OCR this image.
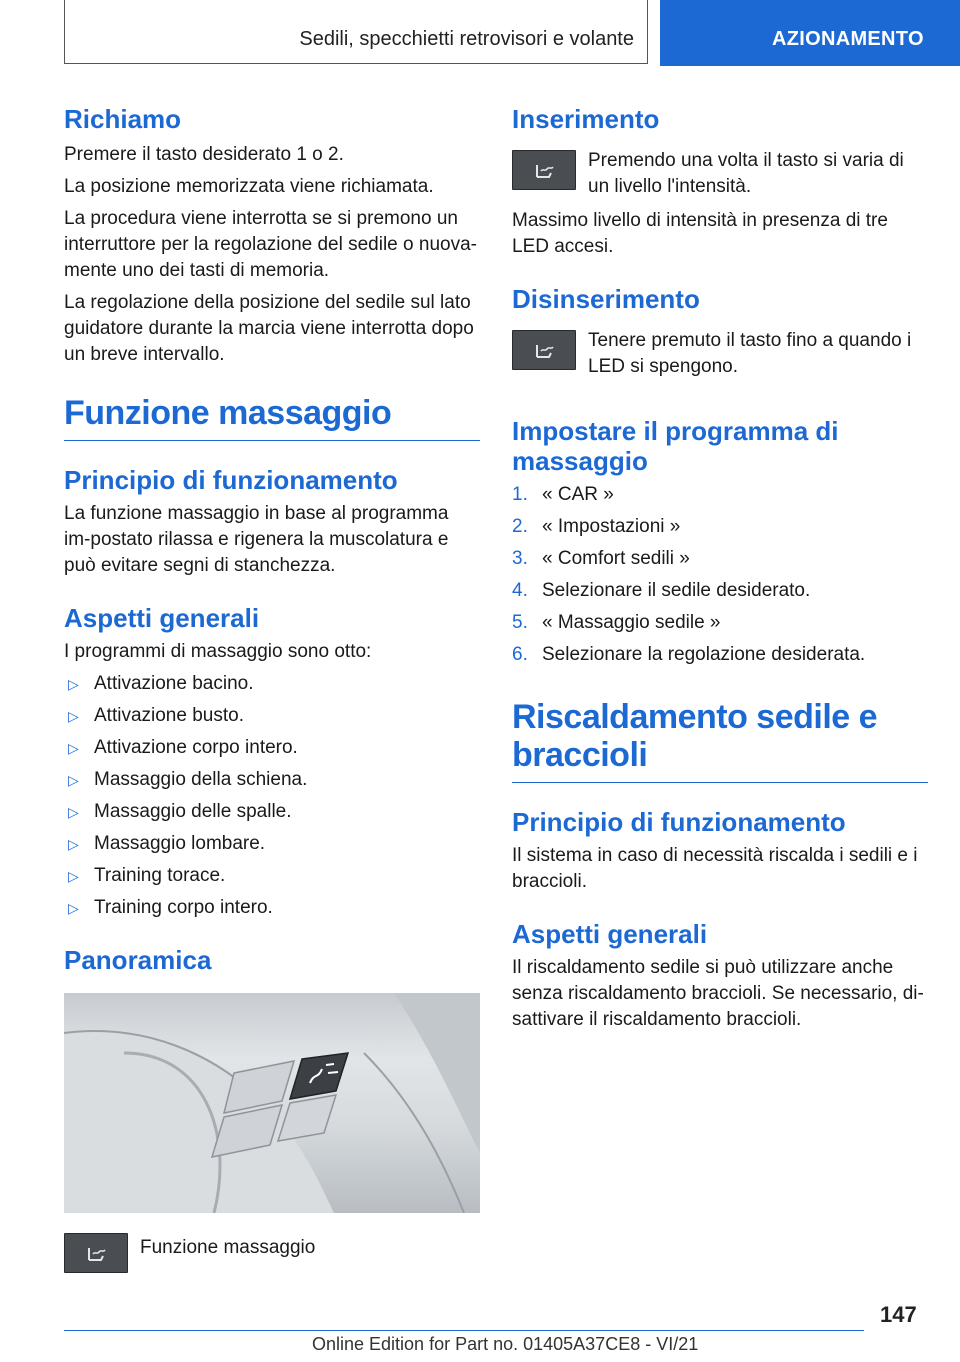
Sedili, specchietti retrovisori e volante	AZIONAMENTO
Richiamo

Premere il tasto desiderato 1 o 2.

La posizione memorizzata viene richiamata.

La procedura viene interrotta se si premono un interruttore per la regolazione del sedile o nuova‐mente uno dei tasti di memoria.

La regolazione della posizione del sedile sul lato guidatore durante la marcia viene interrotta dopo un breve intervallo.

Funzione massaggio
Principio di funzionamento

La funzione massaggio in base al programma im‐postato rilassa e rigenera la muscolatura e può evitare segni di stanchezza.

Aspetti generali

I programmi di massaggio sono otto:

▷ Attivazione bacino.
▷ Attivazione busto.
▷ Attivazione corpo intero.
▷ Massaggio della schiena.
▷ Massaggio delle spalle.
▷ Massaggio lombare.
▷ Training torace.
▷ Training corpo intero.
Panoramica
Funzione massaggio
Inserimento
Premendo una volta il tasto si varia di un livello l'intensità.

Massimo livello di intensità in presenza di tre LED accesi.

Disinserimento
Tenere premuto il tasto fino a quando i LED si spengono.
Impostare il programma di massaggio
1. « CAR »
2. « Impostazioni »
3. « Comfort sedili »
4. Selezionare il sedile desiderato.
5. « Massaggio sedile »
6. Selezionare la regolazione desiderata.
Riscaldamento sedile e braccioli
Principio di funzionamento

Il sistema in caso di necessità riscalda i sedili e i braccioli.

Aspetti generali

Il riscaldamento sedile si può utilizzare anche senza riscaldamento braccioli. Se necessario, di‐sattivare il riscaldamento braccioli.

147
Online Edition for Part no. 01405A37CE8 - VI/21
